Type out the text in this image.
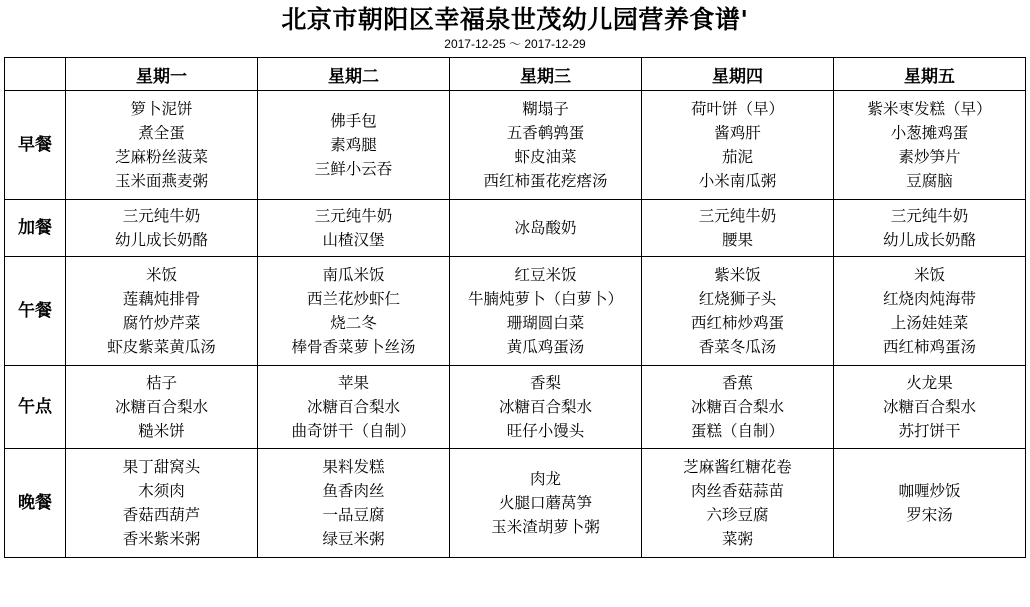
北京市朝阳区幸福泉世茂幼儿园营养食谱'
2017-12-25 ～ 2017-12-29
	星期一	星期二	星期三	星期四	星期五
早餐	箩卜泥饼
煮全蛋
芝麻粉丝菠菜
玉米面燕麦粥	佛手包
素鸡腿
三鲜小云吞	糊塌子
五香鹌鹑蛋
虾皮油菜
西红柿蛋花疙瘩汤	荷叶饼（早）
酱鸡肝
茄泥
小米南瓜粥	紫米枣发糕（早）
小葱摊鸡蛋
素炒笋片
豆腐脑

加餐	三元纯牛奶
幼儿成长奶酪	三元纯牛奶
山楂汉堡	冰岛酸奶	三元纯牛奶
腰果	三元纯牛奶
幼儿成长奶酪

午餐	米饭
莲藕炖排骨
腐竹炒芹菜
虾皮紫菜黄瓜汤	南瓜米饭
西兰花炒虾仁
烧二冬
棒骨香菜萝卜丝汤	红豆米饭
牛腩炖萝卜（白萝卜）
珊瑚圆白菜
黄瓜鸡蛋汤	紫米饭
红烧狮子头
西红柿炒鸡蛋
香菜冬瓜汤	米饭
红烧肉炖海带
上汤娃娃菜
西红柿鸡蛋汤

午点	桔子
冰糖百合梨水
糙米饼	苹果
冰糖百合梨水
曲奇饼干（自制）	香梨
冰糖百合梨水
旺仔小馒头	香蕉
冰糖百合梨水
蛋糕（自制）	火龙果
冰糖百合梨水
苏打饼干

晚餐	果丁甜窝头
木须肉
香菇西葫芦
香米紫米粥	果料发糕
鱼香肉丝
一品豆腐
绿豆米粥	肉龙
火腿口蘑莴笋
玉米渣胡萝卜粥	芝麻酱红糖花卷
肉丝香菇蒜苗
六珍豆腐
菜粥	咖喱炒饭
罗宋汤
